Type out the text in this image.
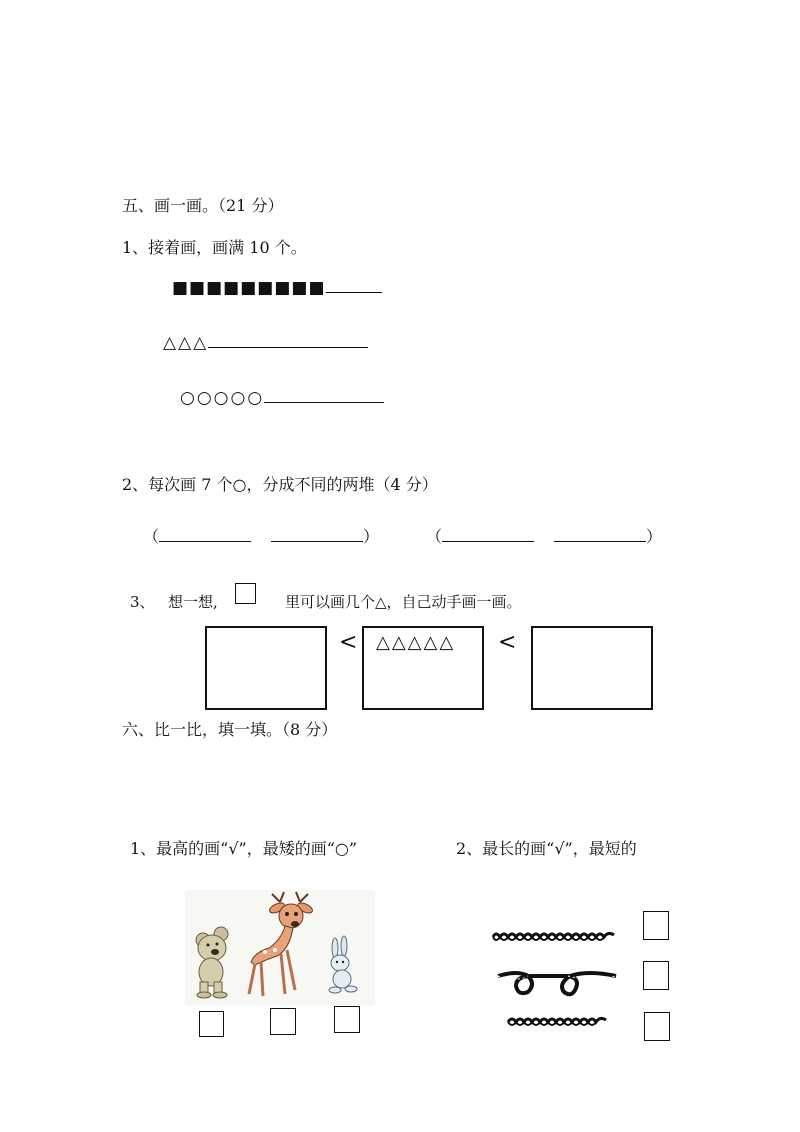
五、画一画。（21 分）
1、接着画，画满 10 个。
■■■■■■■■■
△△△
○○○○○
2、每次画 7 个○，分成不同的两堆（4 分）
（	）	（	）
3、 想一想,	里可以画几个△，自己动手画一画。
< △△△△△ <
六、比一比，填一填。（8 分）
1、最高的画“√”，最矮的画“○”	2、最长的画“√”，最短的
